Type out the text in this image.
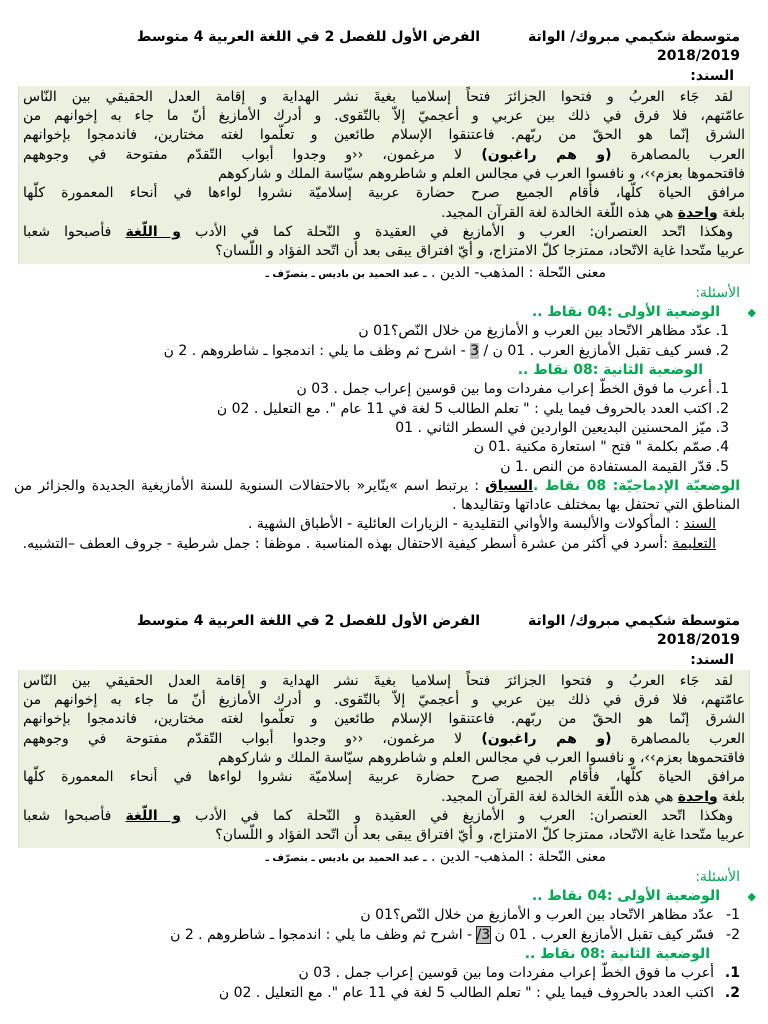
متوسطة شكيمي مبروك/ الواتةالفرض الأول للفصل 2 في اللغة العربية 4 متوسط
2018/2019
السند:
لقد جَاء العربُ و فتحوا الجزائرَ فتحاً إسلاميا بغيةَ نشر الهداية و إقامة العدل الحقيقي بين النّاس
عامّتهم، فلا فرق في ذلك بين عربي و أعجميّ إلاّ بالتّقوى. و أدرك الأمازيغ أنّ ما جاء به إخوانهم من
الشرق إنّما هو الحقّ من ربّهم. فاعتنقوا الإسلام طائعين و تعلّموا لغته مختارين، فاندمجوا بإخوانهم
العرب بالمصاهرة (و هم راغبون) لا مرغمون، ‹‹و وجدوا أبواب التّقدّم مفتوحة في وجوههم
فاقتحموها بعزم››، و نافسوا العرب في مجالس العلم و شاطروهم سيّاسة الملك و شاركوهم
مرافق الحياة كلّها، فأقام الجميع صرح حضارة عربية إسلاميّة نشروا لواءها في أنحاء المعمورة كلّها
بلغة واحدة هي هذه اللّغة الخالدة لغة القرآن المجيد.
وهكذا اتّحد العنصران: العرب و الأمازيغ في العقيدة و النّحلة كما في الأدب و اللّغة فأصبحوا شعبا
عربيا متّحدا غاية الاتّحاد، ممتزجا كلّ الامتزاج، و أيّ افتراق يبقى بعد أن اتّحد الفؤاد و اللّسان؟
معنى النّحلة : المذهب- الدين . ـ عبد الحميد بن باديس ـ بتصرّف ـ
الأسئلة:
◆
الوضعية الأولى :04 نقاط ..
1.
عدّد مظاهر الاتّحاد بين العرب و الأمازيغ من خلال النّص؟01 ن
2.
فسر كيف تقبل الأمازيغ العرب . 01 ن / 3 - اشرح ثم وظف ما يلي : اندمجوا ـ شاطروهم . 2 ن
الوضعية الثانية :08 نقاط ..
1.
أعرب ما فوق الخطّ إعراب مفردات وما بين قوسين إعراب جمل . 03 ن
2.
اكتب العدد بالحروف فيما يلي : " تعلم الطالب 5 لغة في 11 عام ". مع التعليل . 02 ن
3.
ميّز المحسنين البديعين الواردين في السطر الثاني . 01
4.
صمّم بكلمة " فتح " استعارة مكنية .01 ن
5.
قدّر القيمة المستفادة من النص .1 ن
الوضعيّة الإدماجيّة: 08 نقاط .السياق : يرتبط اسم »ينّاير« بالاحتفالات السنوية للسنة الأمازيغية الجديدة والجزائر من المناطق التي تحتفل بها بمختلف عاداتها وتقاليدها .
السند : المأكولات والألبسة والأواني التقليدية - الزيارات العائلية - الأطباق الشهية .
التعليمة :أسرد في أكثر من عشرة أسطر كيفية الاحتفال بهذه المناسبة . موظفا : جمل شرطية - جروف العطف –التشبيه.
متوسطة شكيمي مبروك/ الواتةالفرض الأول للفصل 2 في اللغة العربية 4 متوسط
2018/2019
السند:
لقد جَاء العربُ و فتحوا الجزائرَ فتحاً إسلاميا بغيةَ نشر الهداية و إقامة العدل الحقيقي بين النّاس
عامّتهم، فلا فرق في ذلك بين عربي و أعجميّ إلاّ بالتّقوى. و أدرك الأمازيغ أنّ ما جاء به إخوانهم من
الشرق إنّما هو الحقّ من ربّهم. فاعتنقوا الإسلام طائعين و تعلّموا لغته مختارين، فاندمجوا بإخوانهم
العرب بالمصاهرة (و هم راغبون) لا مرغمون، ‹‹و وجدوا أبواب التّقدّم مفتوحة في وجوههم
فاقتحموها بعزم››، و نافسوا العرب في مجالس العلم و شاطروهم سيّاسة الملك و شاركوهم
مرافق الحياة كلّها، فأقام الجميع صرح حضارة عربية إسلاميّة نشروا لواءها في أنحاء المعمورة كلّها
بلغة واحدة هي هذه اللّغة الخالدة لغة القرآن المجيد.
وهكذا اتّحد العنصران: العرب و الأمازيغ في العقيدة و النّحلة كما في الأدب و اللّغة فأصبحوا شعبا
عربيا متّحدا غاية الاتّحاد، ممتزجا كلّ الامتزاج، و أيّ افتراق يبقى بعد أن اتّحد الفؤاد و اللّسان؟
معنى النّحلة : المذهب- الدين . ـ عبد الحميد بن باديس ـ بتصرّف ـ
الأسئلة:
◆
الوضعية الأولى :04 نقاط ..
1-
عدّد مظاهر الاتّحاد بين العرب و الأمازيغ من خلال النّص؟01 ن
2-
فسّر كيف تقبل الأمازيغ العرب . 01 ن 3/ - اشرح ثم وظف ما يلي : اندمجوا ـ شاطروهم . 2 ن
الوضعية الثانية :08 نقاط ..
1.
أعرب ما فوق الخطّ إعراب مفردات وما بين قوسين إعراب جمل . 03 ن
2.
اكتب العدد بالحروف فيما يلي : " تعلم الطالب 5 لغة في 11 عام ". مع التعليل . 02 ن
